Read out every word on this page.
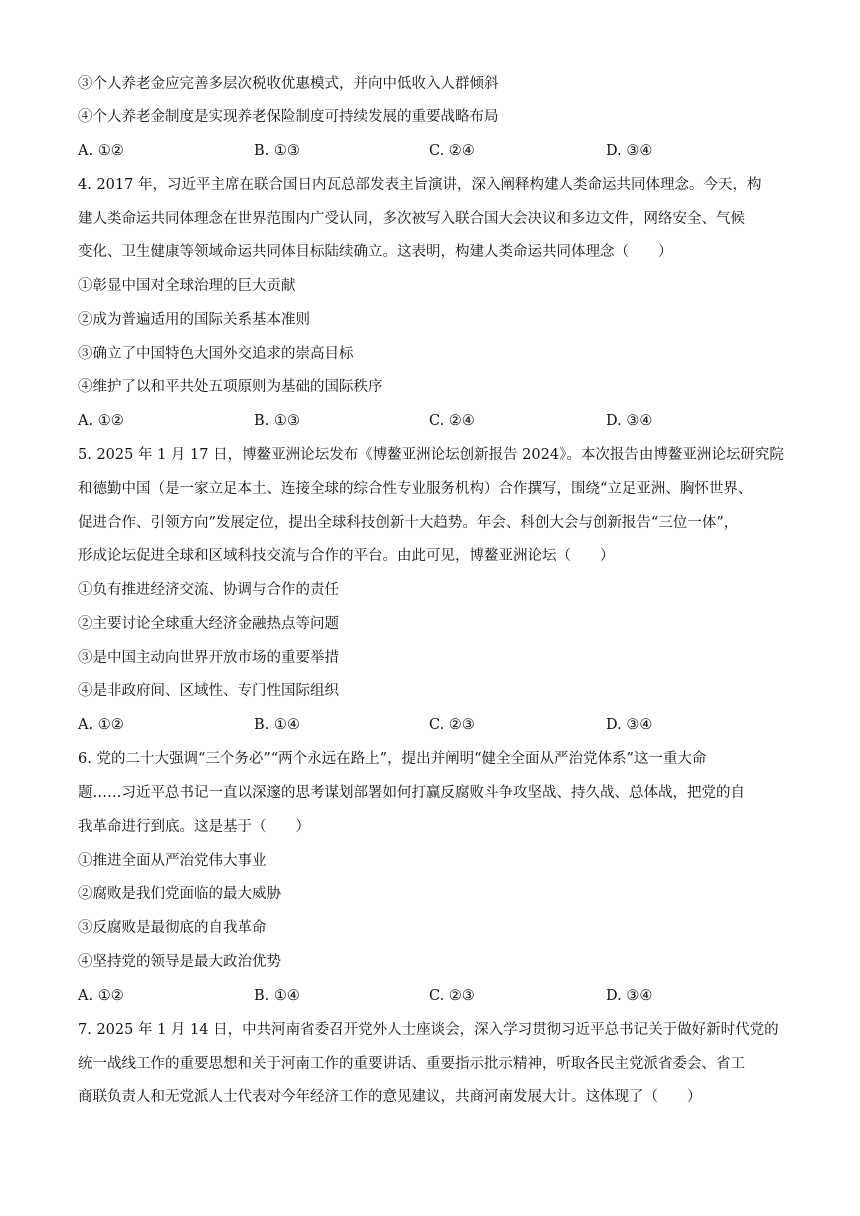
③个人养老金应完善多层次税收优惠模式，并向中低收入人群倾斜
④个人养老金制度是实现养老保险制度可持续发展的重要战略布局
A. ①②	B. ①③	C. ②④	D. ③④
4. 2017 年，习近平主席在联合国日内瓦总部发表主旨演讲，深入阐释构建人类命运共同体理念。今天，构
建人类命运共同体理念在世界范围内广受认同，多次被写入联合国大会决议和多边文件，网络安全、气候
变化、卫生健康等领域命运共同体目标陆续确立。这表明，构建人类命运共同体理念（　　）
①彰显中国对全球治理的巨大贡献
②成为普遍适用的国际关系基本准则
③确立了中国特色大国外交追求的崇高目标
④维护了以和平共处五项原则为基础的国际秩序
A. ①②	B. ①③	C. ②④	D. ③④
5. 2025 年 1 月 17 日，博鳌亚洲论坛发布《博鳌亚洲论坛创新报告 2024》。本次报告由博鳌亚洲论坛研究院
和德勤中国（是一家立足本土、连接全球的综合性专业服务机构）合作撰写，围绕“立足亚洲、胸怀世界、
促进合作、引领方向”发展定位，提出全球科技创新十大趋势。年会、科创大会与创新报告“三位一体”，
形成论坛促进全球和区域科技交流与合作的平台。由此可见，博鳌亚洲论坛（　　）
①负有推进经济交流、协调与合作的责任
②主要讨论全球重大经济金融热点等问题
③是中国主动向世界开放市场的重要举措
④是非政府间、区域性、专门性国际组织
A. ①②	B. ①④	C. ②③	D. ③④
6. 党的二十大强调“三个务必”“两个永远在路上”，提出并阐明“健全全面从严治党体系”这一重大命
题……习近平总书记一直以深邃的思考谋划部署如何打赢反腐败斗争攻坚战、持久战、总体战，把党的自
我革命进行到底。这是基于（　　）
①推进全面从严治党伟大事业
②腐败是我们党面临的最大威胁
③反腐败是最彻底的自我革命
④坚持党的领导是最大政治优势
A. ①②	B. ①④	C. ②③	D. ③④
7. 2025 年 1 月 14 日，中共河南省委召开党外人士座谈会，深入学习贯彻习近平总书记关于做好新时代党的
统一战线工作的重要思想和关于河南工作的重要讲话、重要指示批示精神，听取各民主党派省委会、省工
商联负责人和无党派人士代表对今年经济工作的意见建议，共商河南发展大计。这体现了（　　）
